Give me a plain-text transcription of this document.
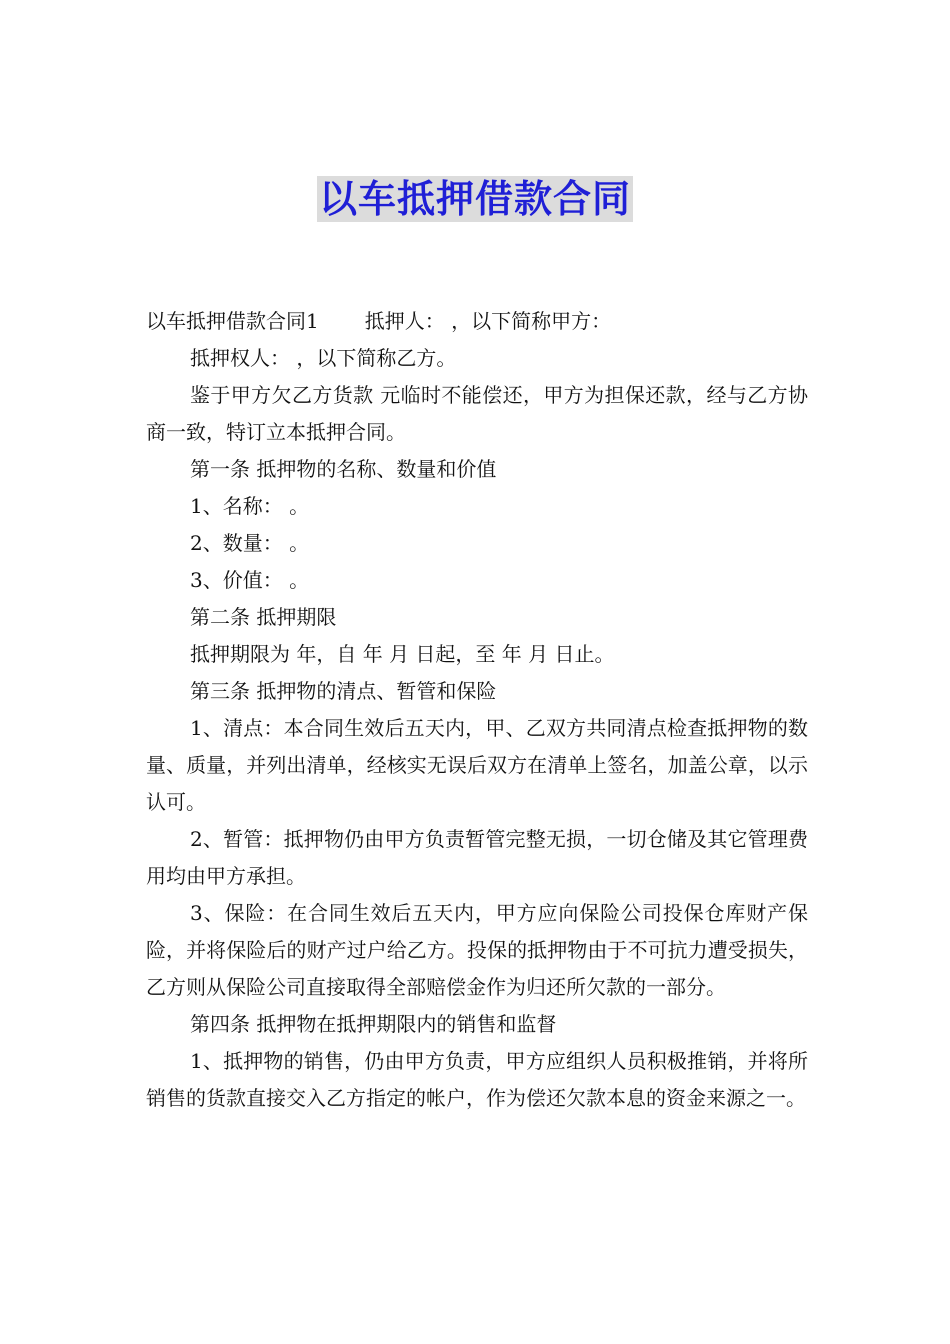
以车抵押借款合同

以车抵押借款合同1 抵押人： ，以下简称甲方：

抵押权人： ，以下简称乙方。

鉴于甲方欠乙方货款 元临时不能偿还，甲方为担保还款，经与乙方协商一致，特订立本抵押合同。

第一条 抵押物的名称、数量和价值

1、名称： 。

2、数量： 。

3、价值： 。

第二条 抵押期限

抵押期限为 年，自 年 月 日起，至 年 月 日止。

第三条 抵押物的清点、暂管和保险

1、清点：本合同生效后五天内，甲、乙双方共同清点检查抵押物的数量、质量，并列出清单，经核实无误后双方在清单上签名，加盖公章，以示认可。

2、暂管：抵押物仍由甲方负责暂管完整无损，一切仓储及其它管理费用均由甲方承担。

3、保险：在合同生效后五天内，甲方应向保险公司投保仓库财产保险，并将保险后的财产过户给乙方。投保的抵押物由于不可抗力遭受损失，乙方则从保险公司直接取得全部赔偿金作为归还所欠款的一部分。

第四条 抵押物在抵押期限内的销售和监督

1、抵押物的销售，仍由甲方负责，甲方应组织人员积极推销，并将所销售的货款直接交入乙方指定的帐户，作为偿还欠款本息的资金来源之一。
